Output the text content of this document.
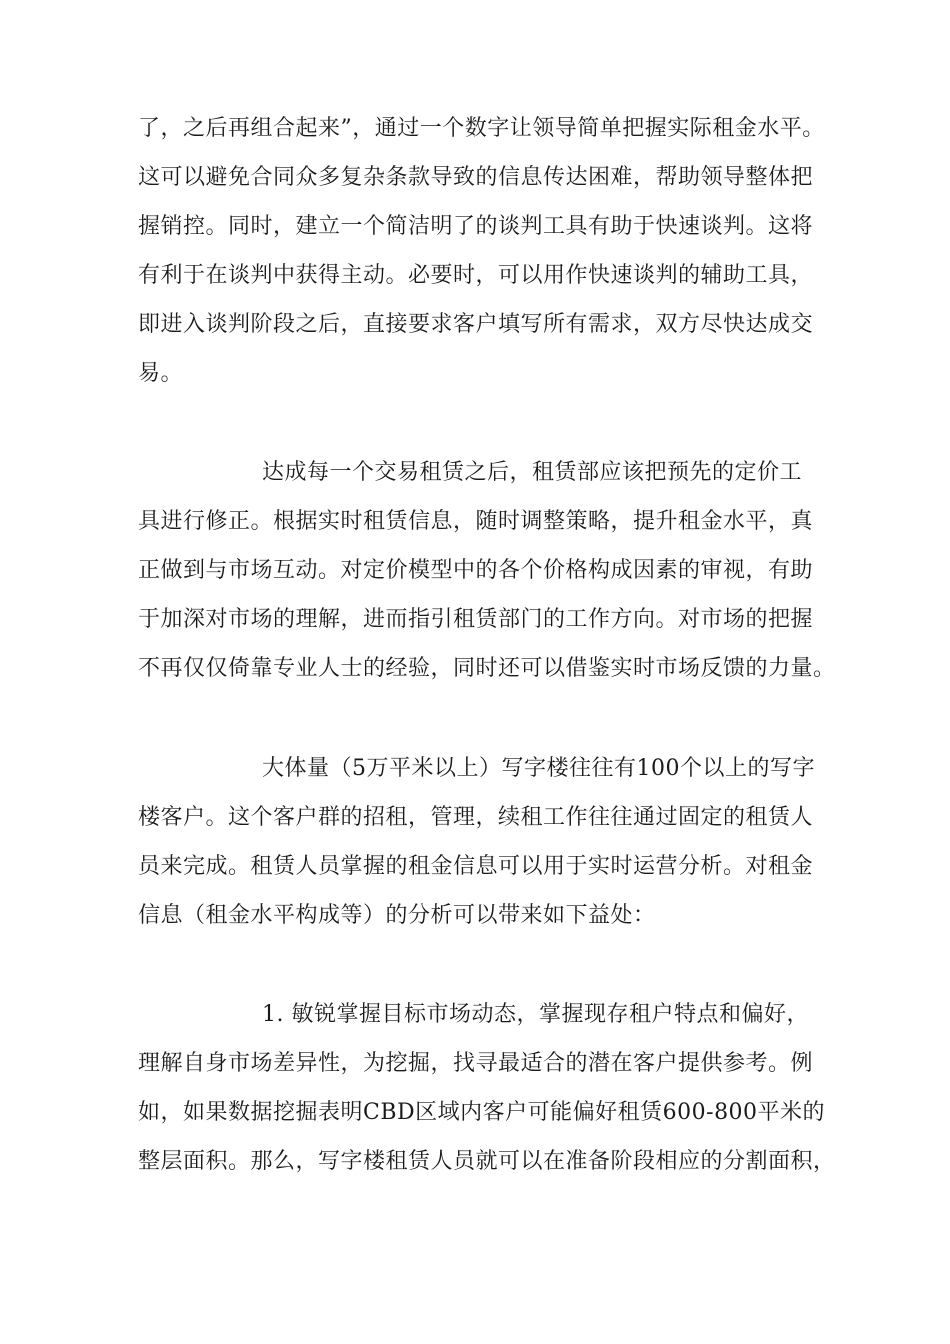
了，之后再组合起来”，通过一个数字让领导简单把握实际租金水平。
这可以避免合同众多复杂条款导致的信息传达困难，帮助领导整体把
握销控。同时，建立一个简洁明了的谈判工具有助于快速谈判。这将
有利于在谈判中获得主动。必要时，可以用作快速谈判的辅助工具，
即进入谈判阶段之后，直接要求客户填写所有需求，双方尽快达成交
易。
达成每一个交易租赁之后，租赁部应该把预先的定价工
具进行修正。根据实时租赁信息，随时调整策略，提升租金水平，真
正做到与市场互动。对定价模型中的各个价格构成因素的审视，有助
于加深对市场的理解，进而指引租赁部门的工作方向。对市场的把握
不再仅仅倚靠专业人士的经验，同时还可以借鉴实时市场反馈的力量。
大体量（5万平米以上）写字楼往往有100个以上的写字
楼客户。这个客户群的招租，管理，续租工作往往通过固定的租赁人
员来完成。租赁人员掌握的租金信息可以用于实时运营分析。对租金
信息（租金水平构成等）的分析可以带来如下益处：
1. 敏锐掌握目标市场动态，掌握现存租户特点和偏好，
理解自身市场差异性，为挖掘，找寻最适合的潜在客户提供参考。例
如，如果数据挖掘表明CBD区域内客户可能偏好租赁600-800平米的
整层面积。那么，写字楼租赁人员就可以在准备阶段相应的分割面积，
